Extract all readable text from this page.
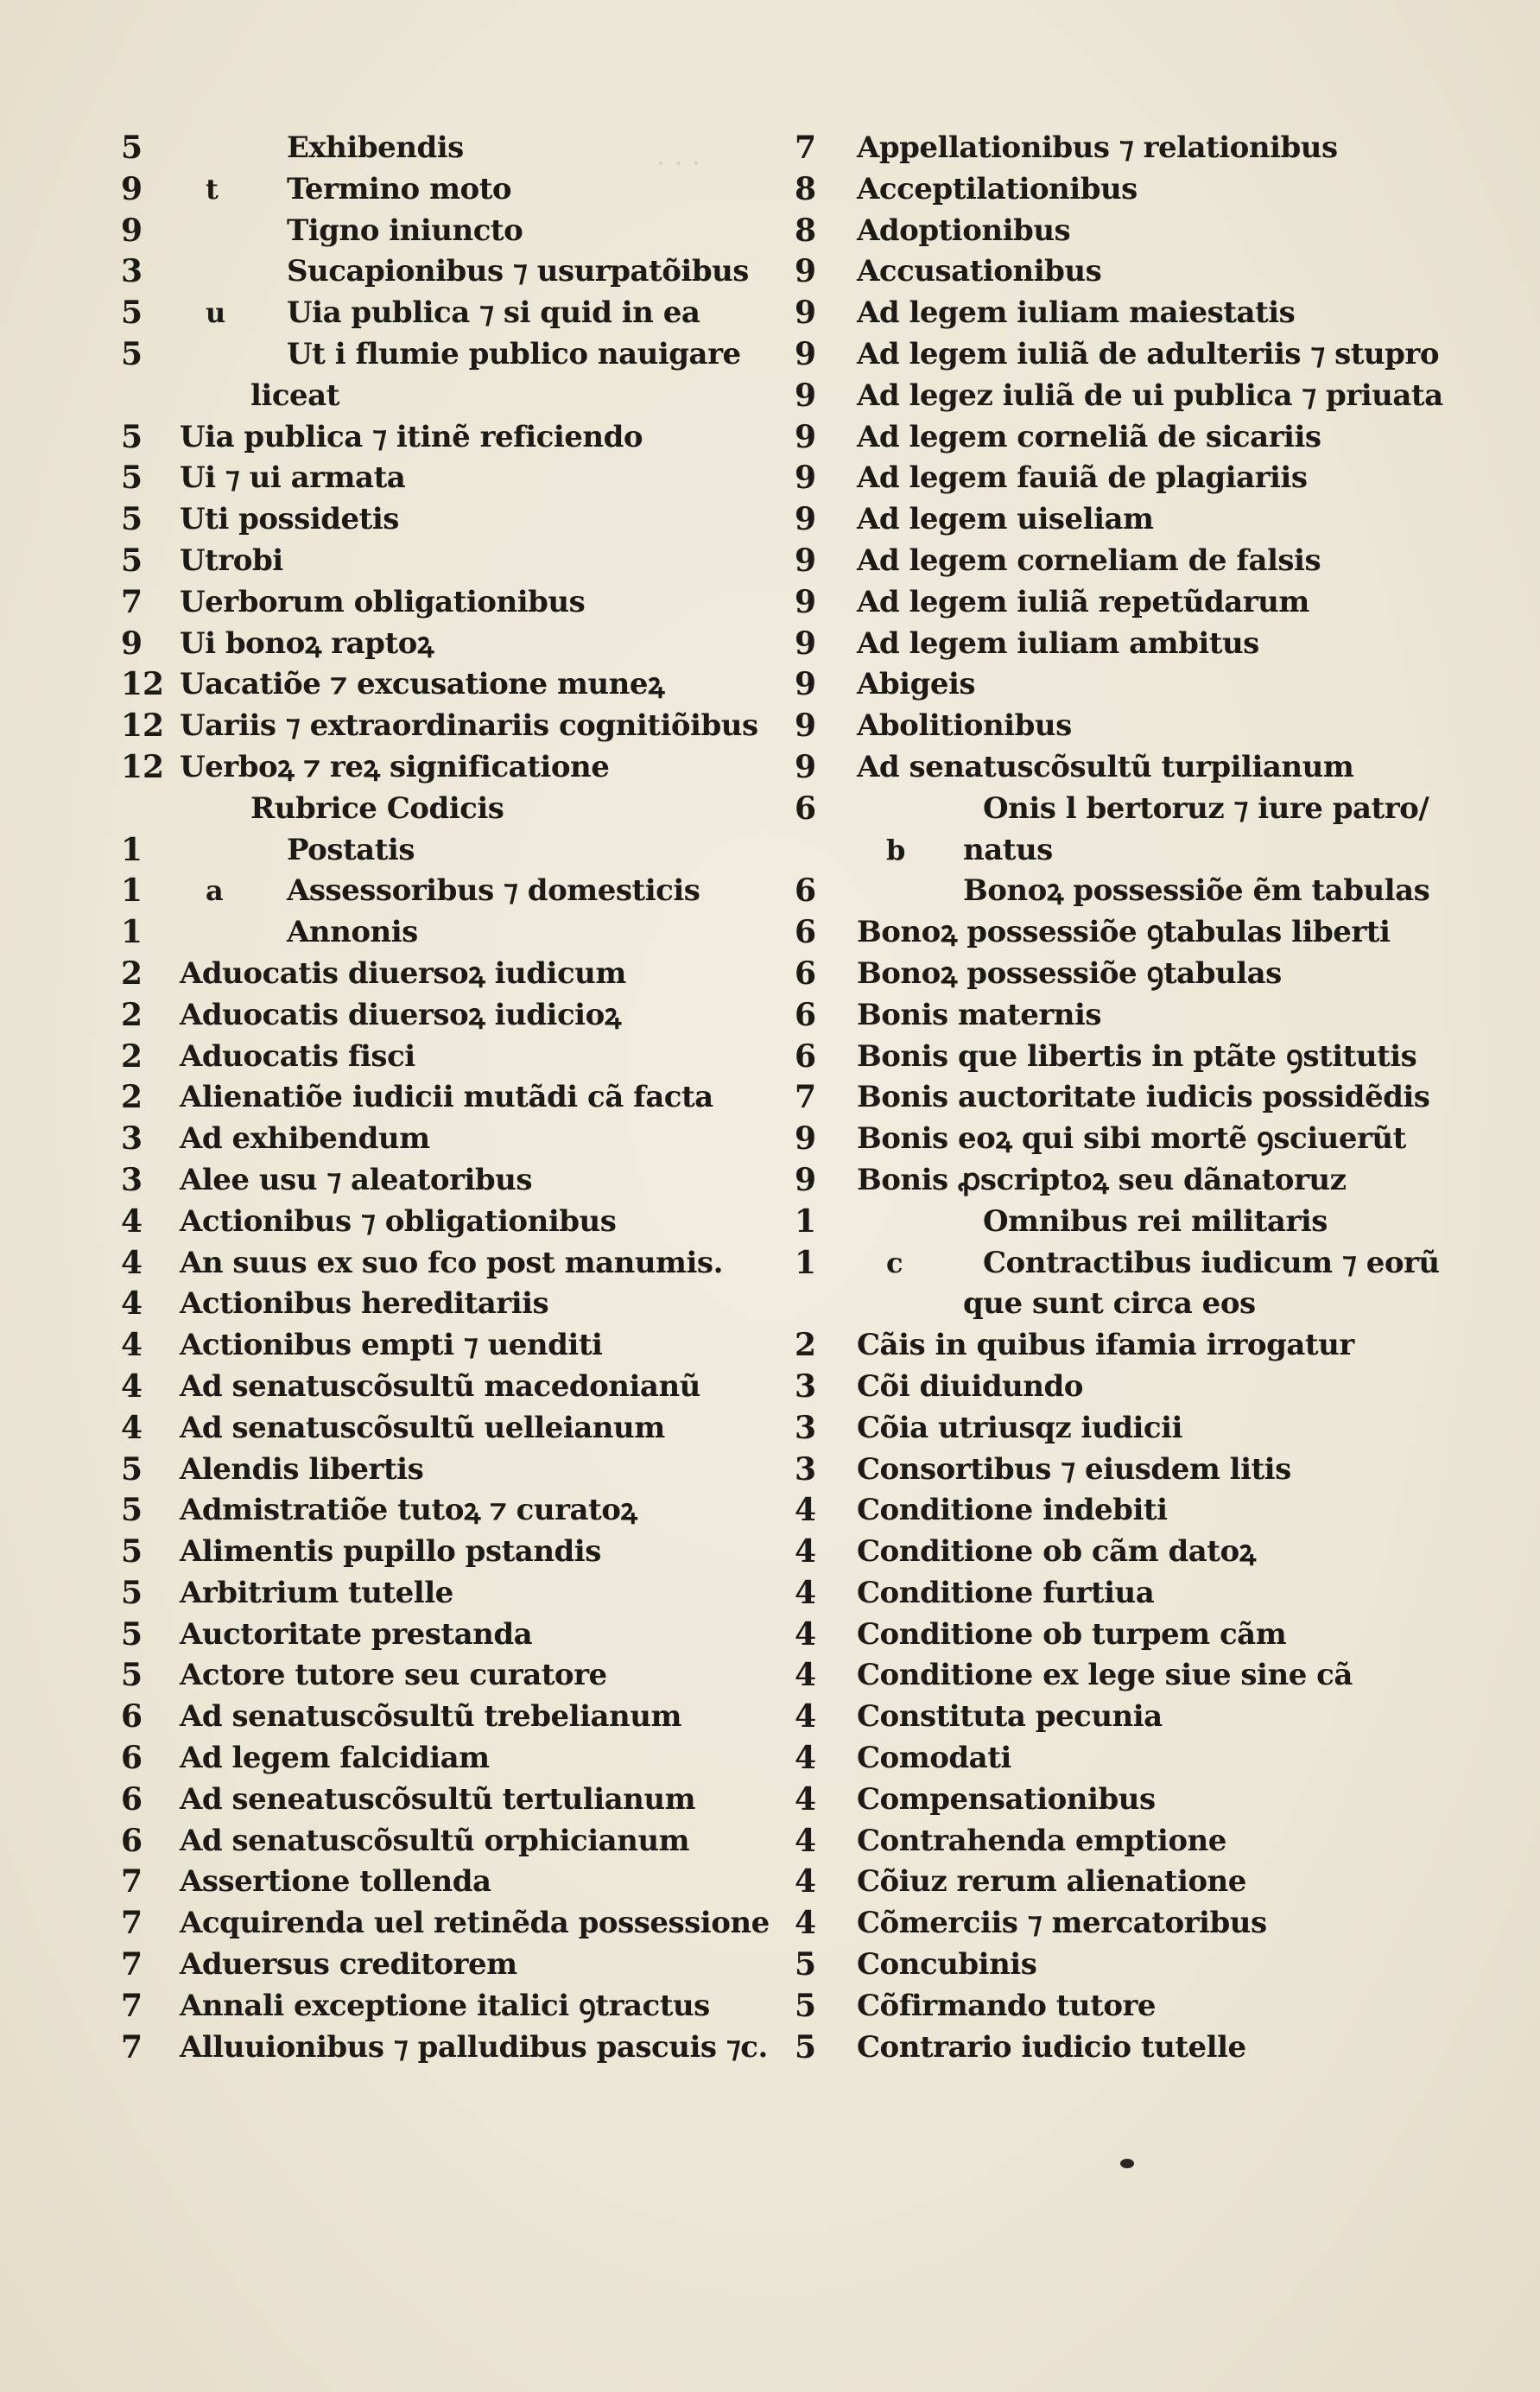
· · ·
5	Exhibendis
9	t Termino moto
9	Tigno iniuncto
3	Sucapionibus ⁊ usurpatõibus
5	u Uia publica ⁊ si quid in ea
5	Ut i flumie publico nauigare
liceat
5	Uia publica ⁊ itinẽ reficiendo
5	Ui ⁊ ui armata
5	Uti possidetis
5	Utrobi
7	Uerborum obligationibus
9	Ui bonoꝝ raptoꝝ
12 Uacatiõe ⁊ excusatione muneꝝ
12 Uariis ⁊ extraordinariis cognitiõibus
12 Uerboꝝ ⁊ reꝝ significatione
Rubrice Codicis
1	Postatis
1	a Assessoribus ⁊ domesticis
1	Annonis
2	Aduocatis diuersoꝝ iudicum
2	Aduocatis diuersoꝝ iudicioꝝ
2	Aduocatis fisci
2	Alienatiõe iudicii mutãdi cã facta
3	Ad exhibendum
3	Alee usu ⁊ aleatoribus
4	Actionibus ⁊ obligationibus
4	An suus ex suo fco post manumis.
4	Actionibus hereditariis
4	Actionibus empti ⁊ uenditi
4	Ad senatuscõsultũ macedonianũ
4	Ad senatuscõsultũ uelleianum
5	Alendis libertis
5	Admistratiõe tutoꝝ ⁊ curatoꝝ
5	Alimentis pupillo pstandis
5	Arbitrium tutelle
5	Auctoritate prestanda
5	Actore tutore seu curatore
6	Ad senatuscõsultũ trebelianum
6	Ad legem falcidiam
6	Ad seneatuscõsultũ tertulianum
6	Ad senatuscõsultũ orphicianum
7	Assertione tollenda
7	Acquirenda uel retinẽda possessione
7	Aduersus creditorem
7	Annali exceptione italici ꝯtractus
7	Alluuionibus ⁊ palludibus pascuis ⁊c.
7	Appellationibus ⁊ relationibus
8	Acceptilationibus
8	Adoptionibus
9	Accusationibus
9	Ad legem iuliam maiestatis
9	Ad legem iuliã de adulteriis ⁊ stupro
9	Ad legez iuliã de ui publica ⁊ priuata
9	Ad legem corneliã de sicariis
9	Ad legem fauiã de plagiariis
9	Ad legem uiseliam
9	Ad legem corneliam de falsis
9	Ad legem iuliã repetũdarum
9	Ad legem iuliam ambitus
9	Abigeis
9	Abolitionibus
9	Ad senatuscõsultũ turpilianum
6	Onis l bertoruz ⁊ iure patro/
b natus
6	Bonoꝝ possessiõe ẽm tabulas
6	Bonoꝝ possessiõe ꝯtabulas liberti
6	Bonoꝝ possessiõe ꝯtabulas
6	Bonis maternis
6	Bonis que libertis in ptãte ꝯstitutis
7	Bonis auctoritate iudicis possidẽdis
9	Bonis eoꝝ qui sibi mortẽ ꝯsciuerũt
9	Bonis ꝓscriptoꝝ seu dãnatoruz
1	Omnibus rei militaris
1	c	Contractibus iudicum ⁊ eorũ
que sunt circa eos
2	Cãis in quibus ifamia irrogatur
3	Cõi diuidundo
3	Cõia utriusqz iudicii
3	Consortibus ⁊ eiusdem litis
4	Conditione indebiti
4	Conditione ob cãm datoꝝ
4	Conditione furtiua
4	Conditione ob turpem cãm
4	Conditione ex lege siue sine cã
4	Constituta pecunia
4	Comodati
4	Compensationibus
4	Contrahenda emptione
4	Cõiuz rerum alienatione
4	Cõmerciis ⁊ mercatoribus
5	Concubinis
5	Cõfirmando tutore
5	Contrario iudicio tutelle
